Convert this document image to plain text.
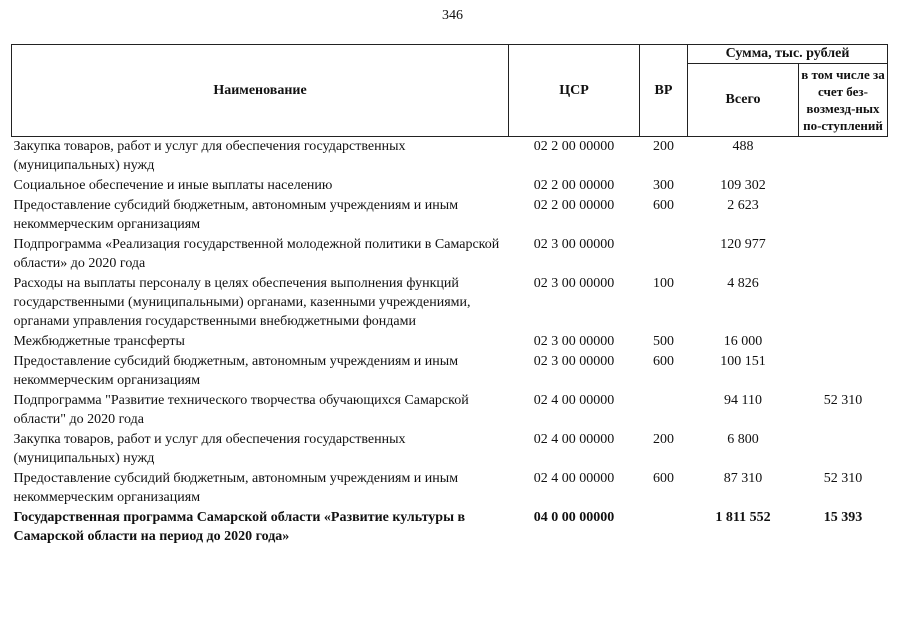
346
Наименование	ЦСР	ВР	Сумма, тыс. рублей	
			Всего	в том числе за счет без-возмезд-ных по-ступлений
Закупка товаров, работ и услуг для обеспечения государственных (муниципальных) нужд	02 2 00 00000	200	488	
Социальное обеспечение и иные выплаты населению	02 2 00 00000	300	109 302	
Предоставление субсидий бюджетным, автономным учреждениям и иным некоммерческим организациям	02 2 00 00000	600	2 623	
Подпрограмма «Реализация государственной молодежной политики в Самарской области» до 2020 года	02 3 00 00000		120 977	
Расходы на выплаты персоналу в целях обеспечения выполнения функций государственными (муниципальными) органами, казенными учреждениями, органами управления государственными внебюджетными фондами	02 3 00 00000	100	4 826	
Межбюджетные трансферты	02 3 00 00000	500	16 000	
Предоставление субсидий бюджетным, автономным учреждениям и иным некоммерческим организациям	02 3 00 00000	600	100 151	
Подпрограмма "Развитие технического творчества обучающихся Самарской области" до 2020 года	02 4 00 00000		94 110	52 310
Закупка товаров, работ и услуг для обеспечения государственных (муниципальных) нужд	02 4 00 00000	200	6 800	
Предоставление субсидий бюджетным, автономным учреждениям и иным некоммерческим организациям	02 4 00 00000	600	87 310	52 310
Государственная программа Самарской области «Развитие культуры в Самарской области на период до 2020 года»	04 0 00 00000		1 811 552	15 393
